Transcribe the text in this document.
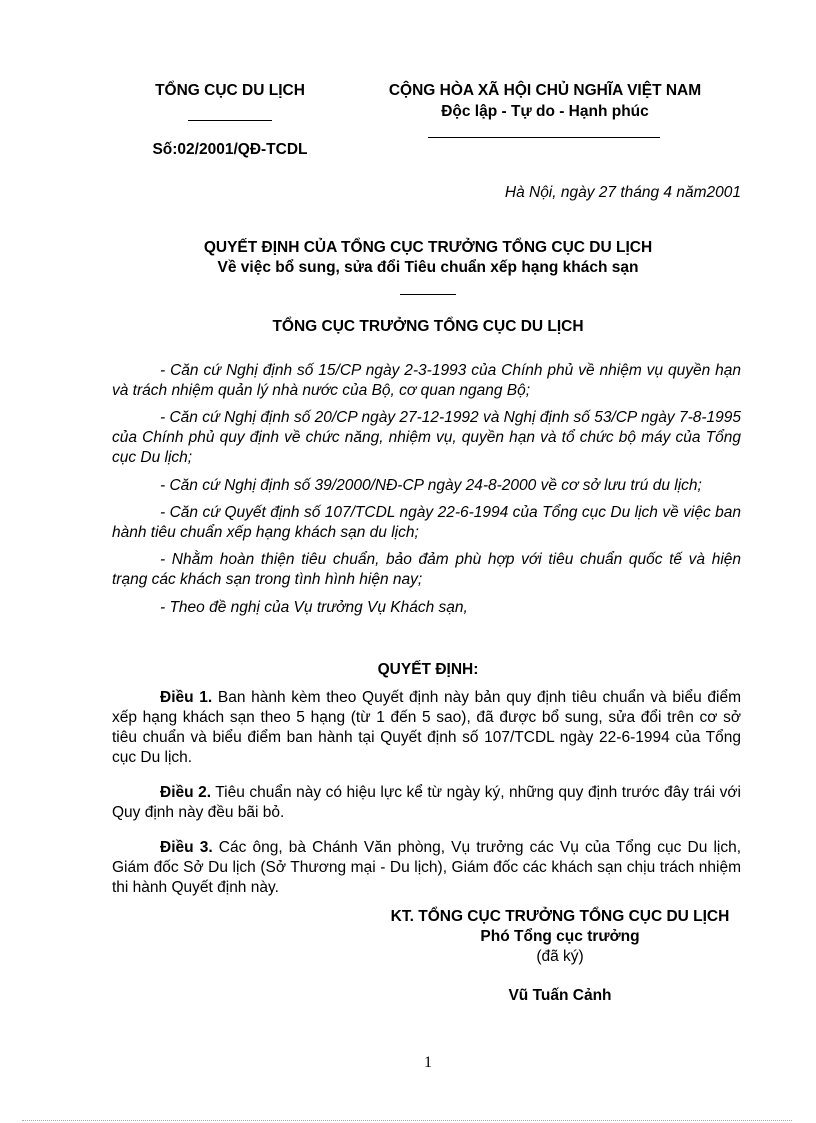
TỔNG CỤC DU LỊCH
Số:02/2001/QĐ-TCDL
CỘNG HÒA XÃ HỘI CHỦ NGHĨA VIỆT NAM
Độc lập - Tự do - Hạnh phúc
Hà Nội, ngày 27 tháng 4 năm2001
QUYẾT ĐỊNH CỦA TỔNG CỤC TRƯỞNG TỔNG CỤC DU LỊCH
Về việc bổ sung, sửa đổi Tiêu chuẩn xếp hạng khách sạn
TỔNG CỤC TRƯỞNG TỔNG CỤC DU LỊCH

- Căn cứ Nghị định số 15/CP ngày 2-3-1993 của Chính phủ về nhiệm vụ quyền hạn và trách nhiệm quản lý nhà nước của Bộ, cơ quan ngang Bộ;

- Căn cứ Nghị định số 20/CP ngày 27-12-1992 và Nghị định số 53/CP ngày 7-8-1995 của Chính phủ quy định về chức năng, nhiệm vụ, quyền hạn và tổ chức bộ máy của Tổng cục Du lịch;

- Căn cứ Nghị định số 39/2000/NĐ-CP ngày 24-8-2000 về cơ sở lưu trú du lịch;

- Căn cứ Quyết định số 107/TCDL ngày 22-6-1994 của Tổng cục Du lịch về việc ban hành tiêu chuẩn xếp hạng khách sạn du lịch;

- Nhằm hoàn thiện tiêu chuẩn, bảo đảm phù hợp với tiêu chuẩn quốc tế và hiện trạng các khách sạn trong tình hình hiện nay;

- Theo đề nghị của Vụ trưởng Vụ Khách sạn,

QUYẾT ĐỊNH:

Điều 1. Ban hành kèm theo Quyết định này bản quy định tiêu chuẩn và biểu điểm xếp hạng khách sạn theo 5 hạng (từ 1 đến 5 sao), đã được bổ sung, sửa đổi trên cơ sở tiêu chuẩn và biểu điểm ban hành tại Quyết định số 107/TCDL ngày 22-6-1994 của Tổng cục Du lịch.

Điều 2. Tiêu chuẩn này có hiệu lực kể từ ngày ký, những quy định trước đây trái với Quy định này đều bãi bỏ.

Điều 3. Các ông, bà Chánh Văn phòng, Vụ trưởng các Vụ của Tổng cục Du lịch, Giám đốc Sở Du lịch (Sở Thương mại - Du lịch), Giám đốc các khách sạn chịu trách nhiệm thi hành Quyết định này.

KT. TỔNG CỤC TRƯỞNG TỔNG CỤC DU LỊCH
Phó Tổng cục trưởng
(đã ký)
Vũ Tuấn Cảnh
1
